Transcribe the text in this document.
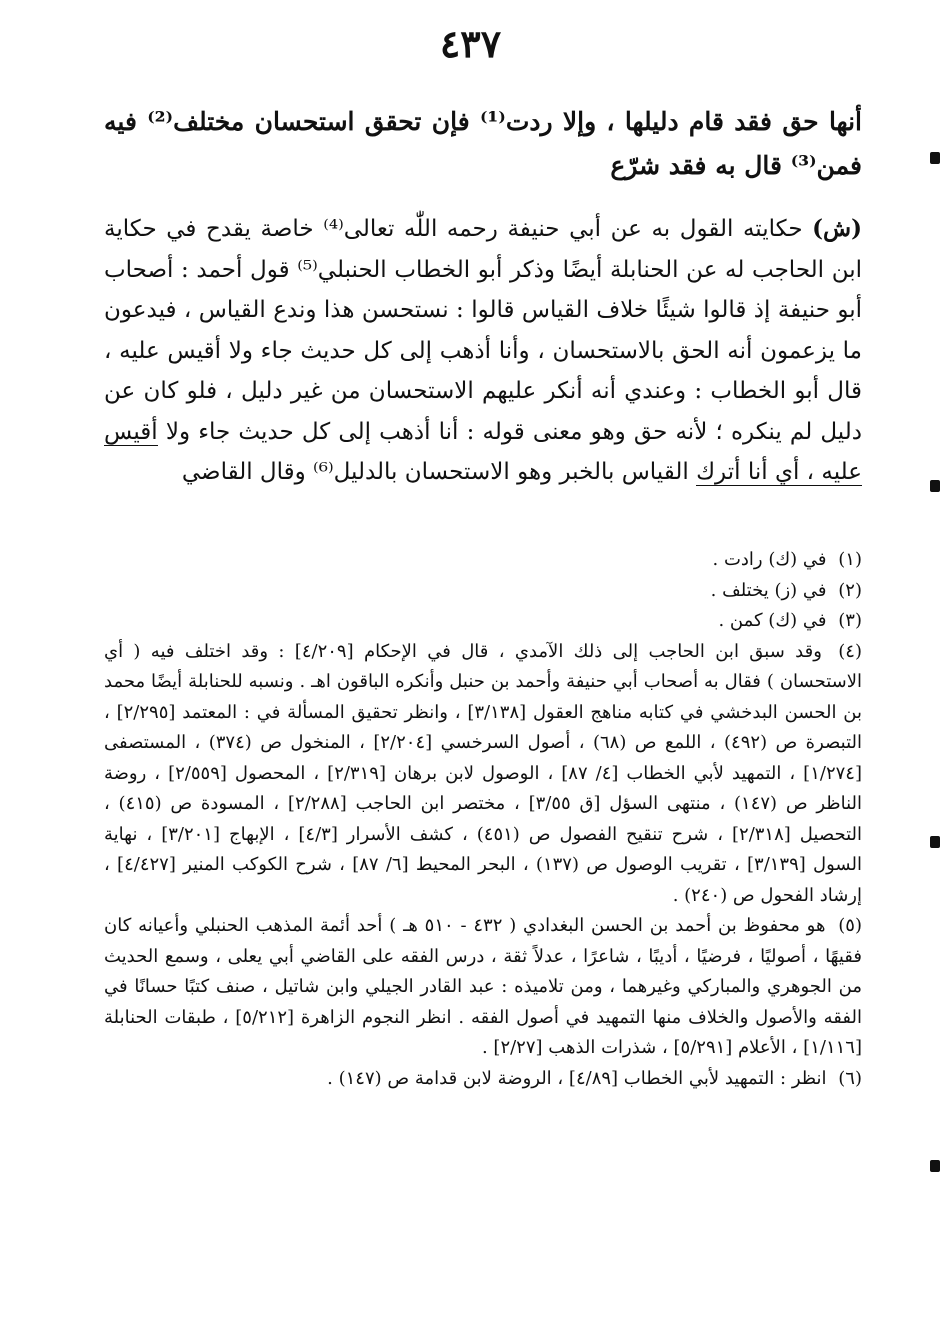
٤٣٧
أنها حق فقد قام دليلها ، وإلا ردت⁽¹⁾ فإن تحقق استحسان مختلف⁽²⁾ فيه فمن⁽³⁾ قال به فقد شرّع
(ش) حكايته القول به عن أبي حنيفة رحمه اللّٰه تعالى⁽⁴⁾ خاصة يقدح في حكاية ابن الحاجب له عن الحنابلة أيضًا وذكر أبو الخطاب الحنبلي⁽⁵⁾ قول أحمد : أصحاب أبو حنيفة إذ قالوا شيئًا خلاف القياس قالوا : نستحسن هذا وندع القياس ، فيدعون ما يزعمون أنه الحق بالاستحسان ، وأنا أذهب إلى كل حديث جاء ولا أقيس عليه ، قال أبو الخطاب : وعندي أنه أنكر عليهم الاستحسان من غير دليل ، فلو كان عن دليل لم ينكره ؛ لأنه حق وهو معنى قوله : أنا أذهب إلى كل حديث جاء ولا أقيس عليه ، أي أنا أترك القياس بالخبر وهو الاستحسان بالدليل⁽⁶⁾ وقال القاضي

(١) في (ك) رادت .

(٢) في (ز) يختلف .

(٣) في (ك) كمن .

(٤) وقد سبق ابن الحاجب إلى ذلك الآمدي ، قال في الإحكام [٤/٢٠٩] : وقد اختلف فيه ( أي الاستحسان ) فقال به أصحاب أبي حنيفة وأحمد بن حنبل وأنكره الباقون اهـ . ونسبه للحنابلة أيضًا محمد بن الحسن البدخشي في كتابه مناهج العقول [٣/١٣٨] ، وانظر تحقيق المسألة في : المعتمد [٢/٢٩٥] ، التبصرة ص (٤٩٢) ، اللمع ص (٦٨) ، أصول السرخسي [٢/٢٠٤] ، المنخول ص (٣٧٤) ، المستصفى [١/٢٧٤] ، التمهيد لأبي الخطاب [٤/ ٨٧] ، الوصول لابن برهان [٢/٣١٩] ، المحصول [٢/٥٥٩] ، روضة الناظر ص (١٤٧) ، منتهى السؤل [ق ٣/٥٥] ، مختصر ابن الحاجب [٢/٢٨٨] ، المسودة ص (٤١٥) ، التحصيل [٢/٣١٨] ، شرح تنقيح الفصول ص (٤٥١) ، كشف الأسرار [٤/٣] ، الإبهاج [٣/٢٠١] ، نهاية السول [٣/١٣٩] ، تقريب الوصول ص (١٣٧) ، البحر المحيط [٦/ ٨٧] ، شرح الكوكب المنير [٤/٤٢٧] ، إرشاد الفحول ص (٢٤٠) .

(٥) هو محفوظ بن أحمد بن الحسن البغدادي ( ٤٣٢ - ٥١٠ هـ ) أحد أئمة المذهب الحنبلي وأعيانه كان فقيهًا ، أصوليًا ، فرضيًا ، أديبًا ، شاعرًا ، عدلاً ثقة ، درس الفقه على القاضي أبي يعلى ، وسمع الحديث من الجوهري والمباركي وغيرهما ، ومن تلاميذه : عبد القادر الجيلي وابن شاتيل ، صنف كتبًا حسانًا في الفقه والأصول والخلاف منها التمهيد في أصول الفقه . انظر النجوم الزاهرة [٥/٢١٢] ، طبقات الحنابلة [١/١١٦] ، الأعلام [٥/٢٩١] ، شذرات الذهب [٢/٢٧] .

(٦) انظر : التمهيد لأبي الخطاب [٤/٨٩] ، الروضة لابن قدامة ص (١٤٧) .
